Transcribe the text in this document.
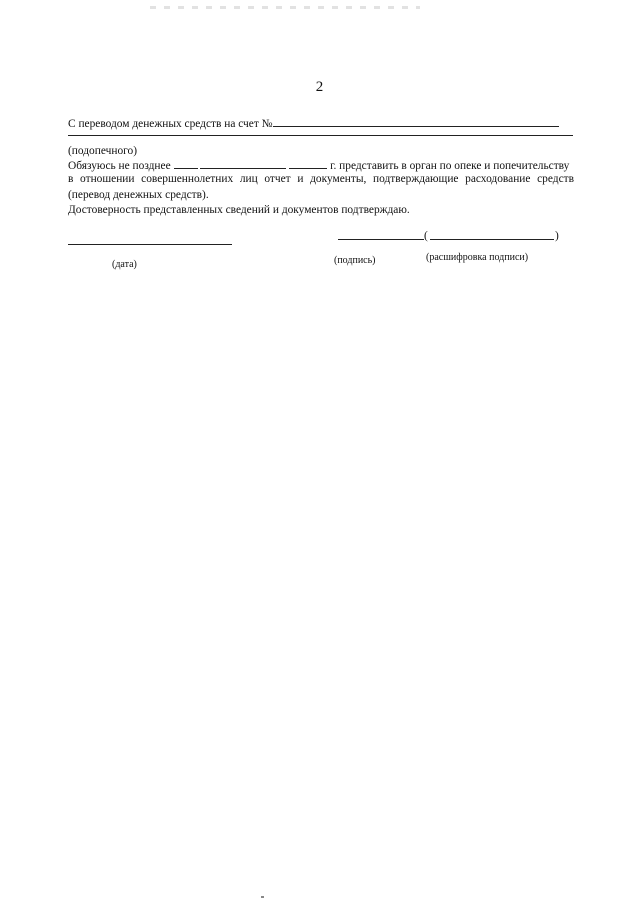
2
С переводом денежных средств на счет №
(подопечного)
Обязуюсь не позднее	г. представить в орган по опеке и попечительству
в отношении совершеннолетних лиц отчет и документы, подтверждающие расходование средств
(перевод денежных средств).
Достоверность представленных сведений и документов подтверждаю.
(	)
(дата)	(подпись)	(расшифровка подписи)
